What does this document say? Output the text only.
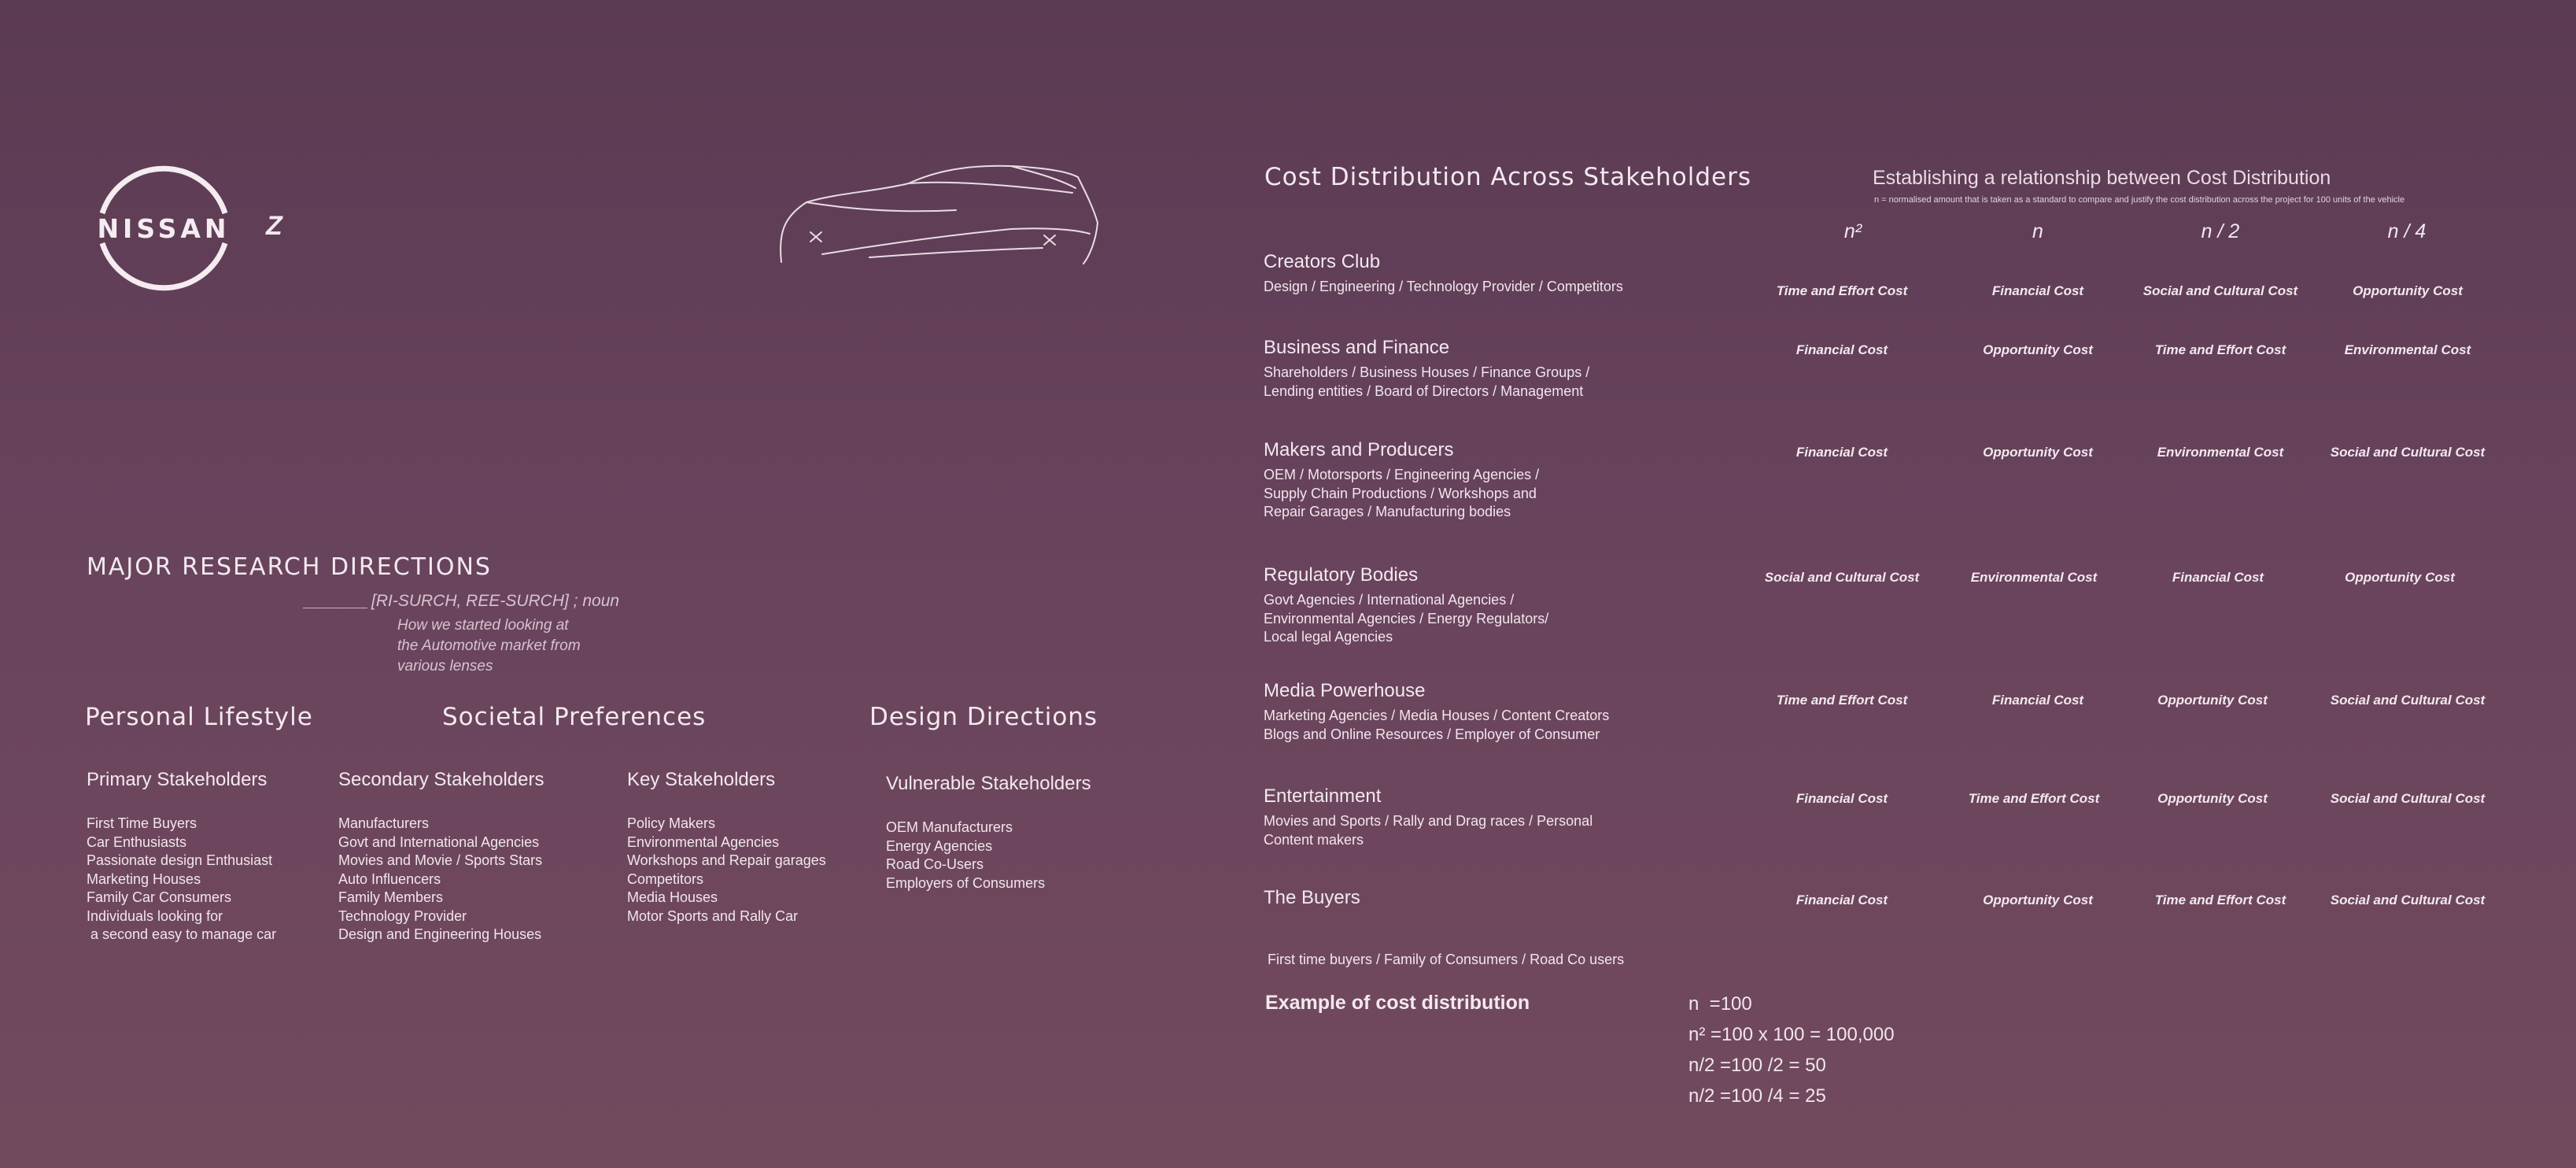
NISSAN Z
MAJOR RESEARCH DIRECTIONS
[RI-SURCH, REE-SURCH] ; noun
How we started looking at
the Automotive market from
various lenses
Personal Lifestyle	Societal Preferences	Design Directions
Primary Stakeholders
First Time Buyers
Car Enthusiasts
Passionate design Enthusiast
Marketing Houses
Family Car Consumers
Individuals looking for
a second easy to manage car
Secondary Stakeholders
Manufacturers
Govt and International Agencies
Movies and Movie / Sports Stars
Auto Influencers
Family Members
Technology Provider
Design and Engineering Houses
Key Stakeholders
Policy Makers
Environmental Agencies
Workshops and Repair garages
Competitors
Media Houses
Motor Sports and Rally Car
Vulnerable Stakeholders
OEM Manufacturers
Energy Agencies
Road Co-Users
Employers of Consumers
Cost Distribution Across Stakeholders	Establishing a relationship between Cost Distribution
n = normalised amount that is taken as a standard to compare and justify the cost distribution across the project for 100 units of the vehicle
n²	n	n / 2	n / 4
Creators Club
Design / Engineering / Technology Provider / Competitors	Time and Effort Cost	Financial Cost	Social and Cultural Cost	Opportunity Cost
Business and Finance
Shareholders / Business Houses / Finance Groups /
Lending entities / Board of Directors / Management
Financial Cost	Opportunity Cost	Time and Effort Cost	Environmental Cost
Makers and Producers
OEM / Motorsports / Engineering Agencies /
Supply Chain Productions / Workshops and
Repair Garages / Manufacturing bodies
Financial Cost	Opportunity Cost	Environmental Cost	Social and Cultural Cost
Regulatory Bodies
Govt Agencies / International Agencies /
Environmental Agencies / Energy Regulators/
Local legal Agencies
Social and Cultural Cost	Environmental Cost	Financial Cost	Opportunity Cost
Media Powerhouse
Marketing Agencies / Media Houses / Content Creators
Blogs and Online Resources / Employer of Consumer
Time and Effort Cost	Financial Cost	Opportunity Cost	Social and Cultural Cost
Entertainment
Movies and Sports / Rally and Drag races / Personal
Content makers
Financial Cost	Time and Effort Cost	Opportunity Cost	Social and Cultural Cost
The Buyers

First time buyers / Family of Consumers / Road Co users

Financial Cost	Opportunity Cost	Time and Effort Cost	Social and Cultural Cost
Example of cost distribution	n  =100
n² =100 x 100 = 100,000
n/2 =100 /2 = 50
n/2 =100 /4 = 25
